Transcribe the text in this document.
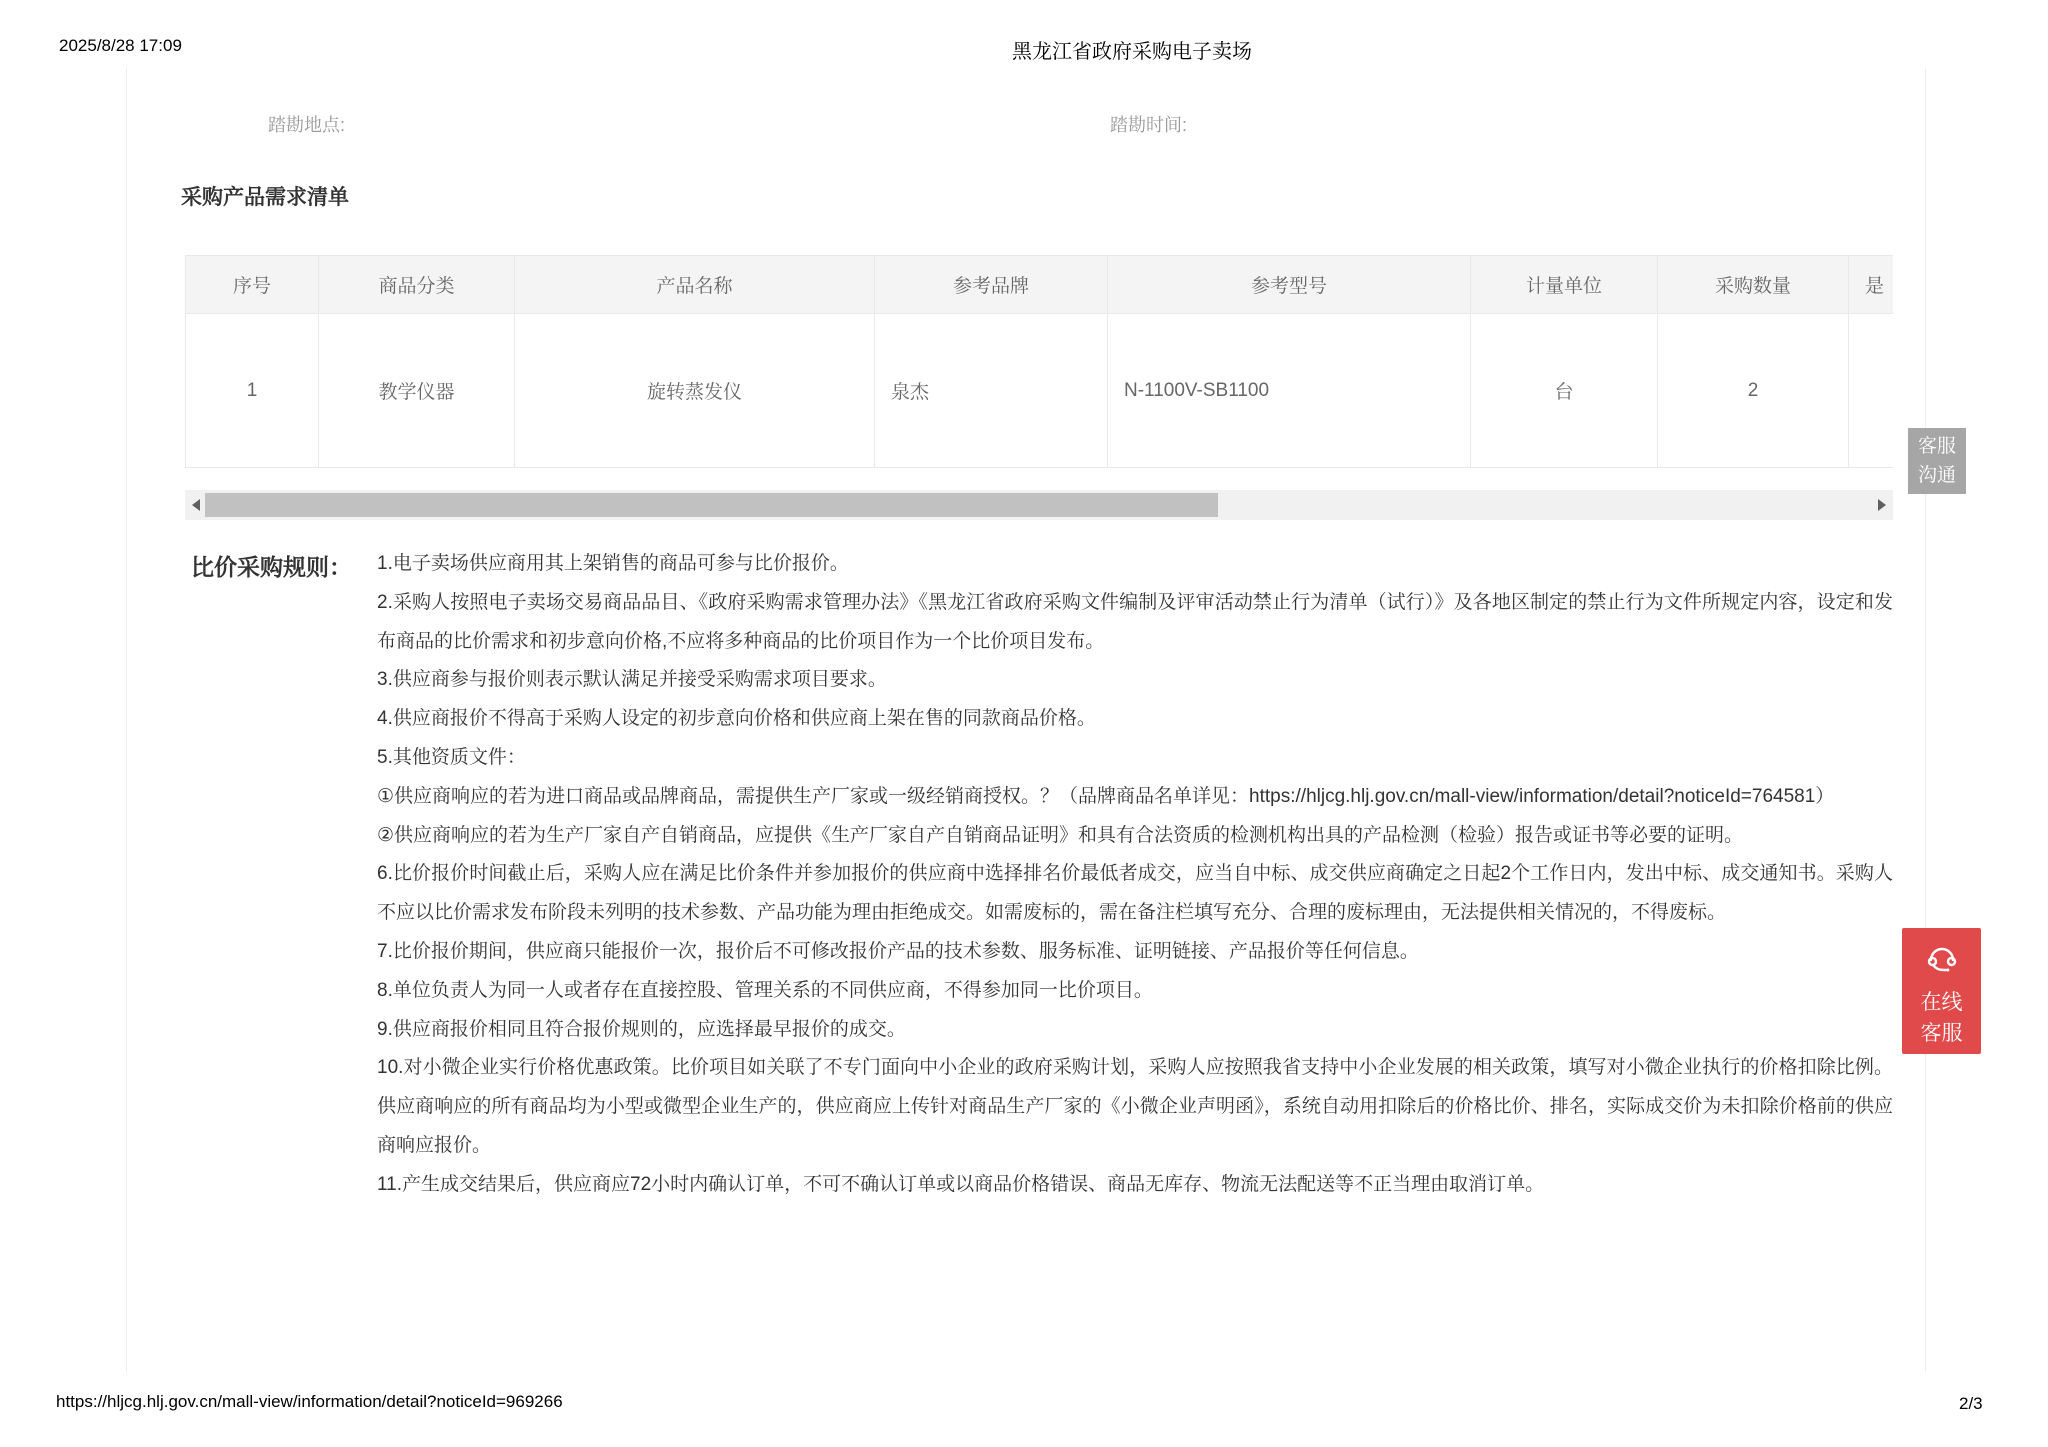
2025/8/28 17:09	黑龙江省政府采购电子卖场
踏勘地点:	踏勘时间:
采购产品需求清单
序号	商品分类	产品名称	参考品牌	参考型号	计量单位	采购数量	是
1	教学仪器	旋转蒸发仪	泉杰	N-1100V-SB1100	台	2	
客服
沟通
比价采购规则： 1.电子卖场供应商用其上架销售的商品可参与比价报价。

2.采购人按照电子卖场交易商品品目、《政府采购需求管理办法》《黑龙江省政府采购文件编制及评审活动禁止行为清单（试行）》及各地区制定的禁止行为文件所规定内容，设定和发布商品的比价需求和初步意向价格,不应将多种商品的比价项目作为一个比价项目发布。

3.供应商参与报价则表示默认满足并接受采购需求项目要求。

4.供应商报价不得高于采购人设定的初步意向价格和供应商上架在售的同款商品价格。

5.其他资质文件：

①供应商响应的若为进口商品或品牌商品，需提供生产厂家或一级经销商授权。？（品牌商品名单详见：https://hljcg.hlj.gov.cn/mall-view/information/detail?noticeId=764581）

②供应商响应的若为生产厂家自产自销商品，应提供《生产厂家自产自销商品证明》和具有合法资质的检测机构出具的产品检测（检验）报告或证书等必要的证明。

6.比价报价时间截止后，采购人应在满足比价条件并参加报价的供应商中选择排名价最低者成交，应当自中标、成交供应商确定之日起2个工作日内，发出中标、成交通知书。采购人不应以比价需求发布阶段未列明的技术参数、产品功能为理由拒绝成交。如需废标的，需在备注栏填写充分、合理的废标理由，无法提供相关情况的，不得废标。

7.比价报价期间，供应商只能报价一次，报价后不可修改报价产品的技术参数、服务标准、证明链接、产品报价等任何信息。

8.单位负责人为同一人或者存在直接控股、管理关系的不同供应商，不得参加同一比价项目。

9.供应商报价相同且符合报价规则的，应选择最早报价的成交。

10.对小微企业实行价格优惠政策。比价项目如关联了不专门面向中小企业的政府采购计划，采购人应按照我省支持中小企业发展的相关政策，填写对小微企业执行的价格扣除比例。供应商响应的所有商品均为小型或微型企业生产的，供应商应上传针对商品生产厂家的《小微企业声明函》，系统自动用扣除后的价格比价、排名，实际成交价为未扣除价格前的供应商响应报价。

11.产生成交结果后，供应商应72小时内确认订单，不可不确认订单或以商品价格错误、商品无库存、物流无法配送等不正当理由取消订单。

在线
客服
https://hljcg.hlj.gov.cn/mall-view/information/detail?noticeId=969266	2/3
